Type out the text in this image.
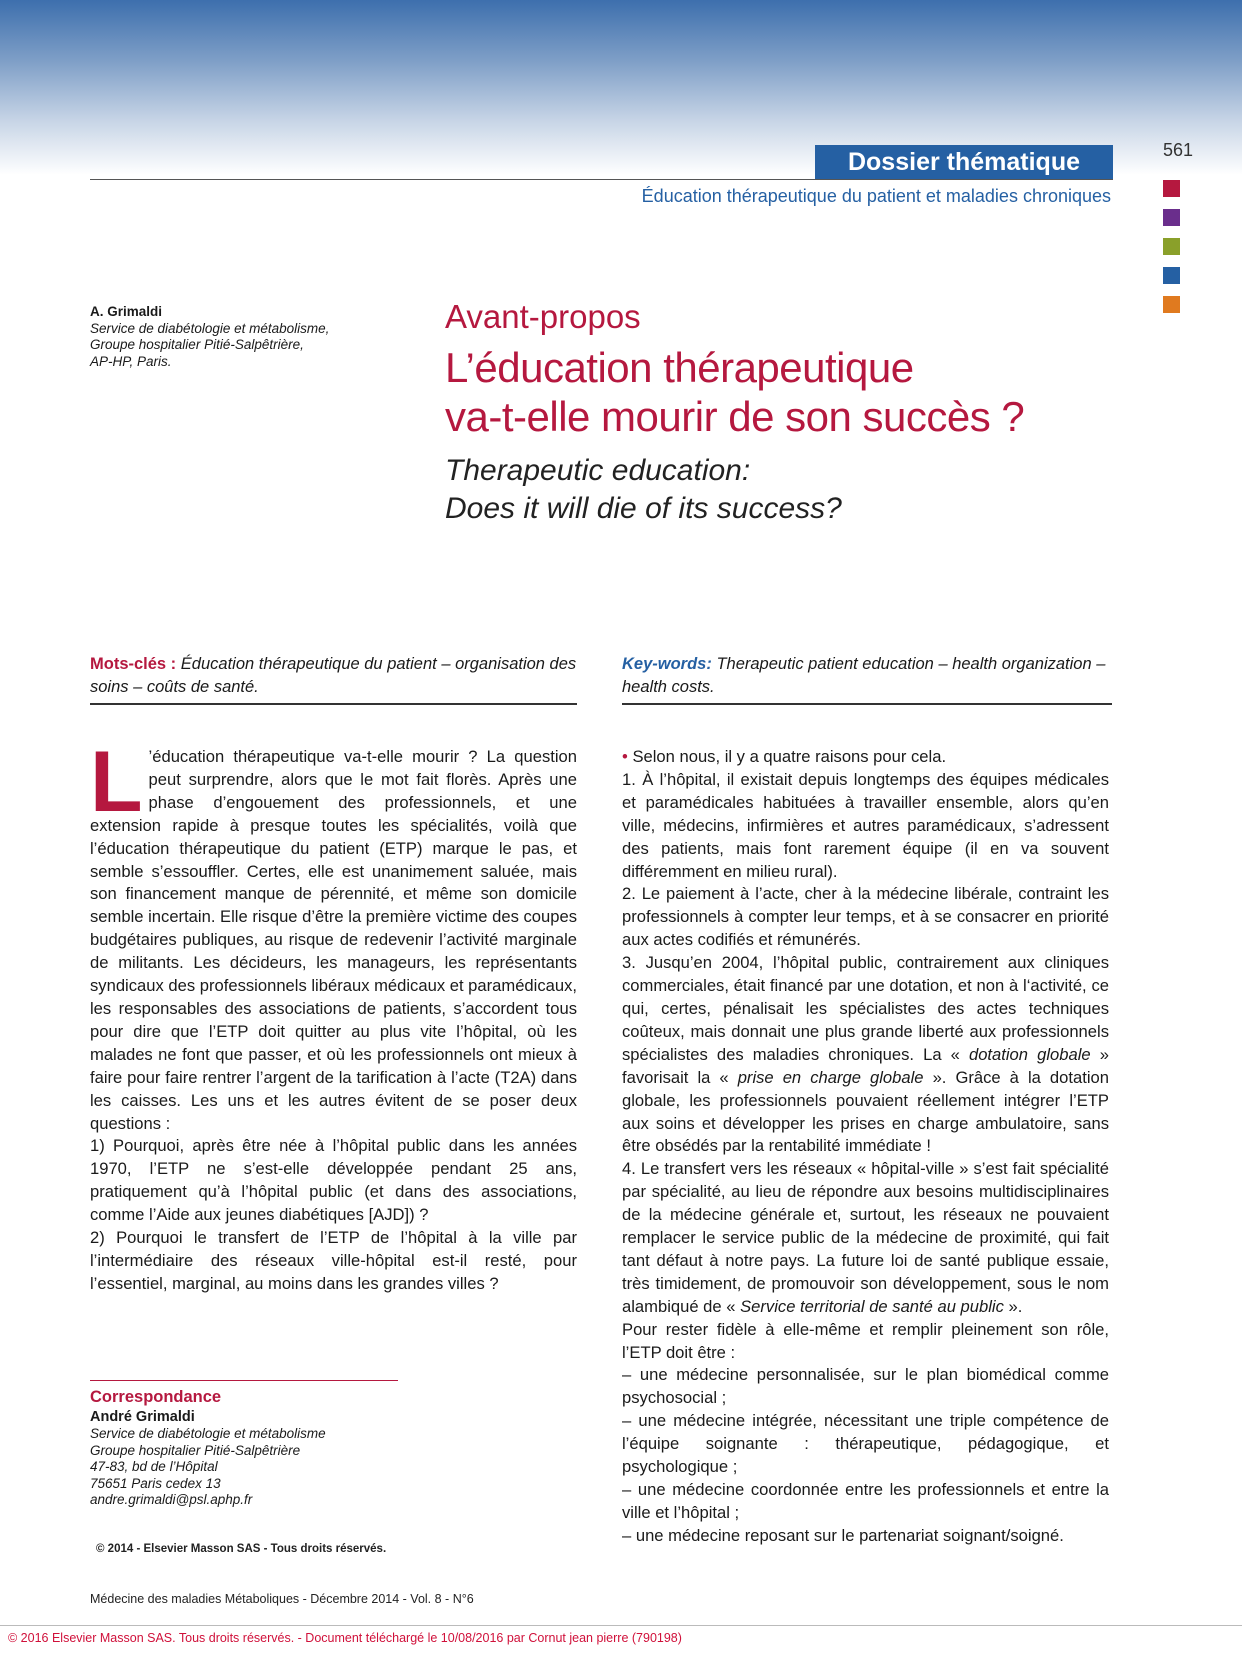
Dossier thématique	561
Éducation thérapeutique du patient et maladies chroniques
A. Grimaldi
Service de diabétologie et métabolisme,
Groupe hospitalier Pitié-Salpêtrière,
AP-HP, Paris.
Avant-propos
L’éducation thérapeutique
va-t-elle mourir de son succès ?
Therapeutic education:
Does it will die of its success?
Mots-clés : Éducation thérapeutique du patient – organisation des soins – coûts de santé.
Key-words: Therapeutic patient education – health organization – health costs.

L ’éducation thérapeutique va-t-elle mourir ? La question peut surprendre, alors que le mot fait florès. Après une phase d’engouement des professionnels, et une extension rapide à presque toutes les spécialités, voilà que l’éducation thérapeutique du patient (ETP) marque le pas, et semble s’essouffler. Certes, elle est unanimement saluée, mais son financement manque de pérennité, et même son domicile semble incertain. Elle risque d’être la première victime des coupes budgétaires publiques, au risque de redevenir l’activité marginale de militants. Les décideurs, les manageurs, les représentants syndicaux des professionnels libéraux médicaux et paramédicaux, les responsables des associations de patients, s’accordent tous pour dire que l’ETP doit quitter au plus vite l’hôpital, où les malades ne font que passer, et où les professionnels ont mieux à faire pour faire rentrer l’argent de la tarification à l’acte (T2A) dans les caisses. Les uns et les autres évitent de se poser deux questions :

1) Pourquoi, après être née à l’hôpital public dans les années 1970, l’ETP ne s’est-elle développée pendant 25 ans, pratiquement qu’à l’hôpital public (et dans des associations, comme l’Aide aux jeunes diabétiques [AJD]) ?

2) Pourquoi le transfert de l’ETP de l’hôpital à la ville par l’intermédiaire des réseaux ville-hôpital est-il resté, pour l’essentiel, marginal, au moins dans les grandes villes ?

• Selon nous, il y a quatre raisons pour cela.

1. À l’hôpital, il existait depuis longtemps des équipes médicales et paramédicales habituées à travailler ensemble, alors qu’en ville, médecins, infirmières et autres paramédicaux, s’adressent des patients, mais font rarement équipe (il en va souvent différemment en milieu rural).

2. Le paiement à l’acte, cher à la médecine libérale, contraint les professionnels à compter leur temps, et à se consacrer en priorité aux actes codifiés et rémunérés.

3. Jusqu’en 2004, l’hôpital public, contrairement aux cliniques commerciales, était financé par une dotation, et non à l‘activité, ce qui, certes, pénalisait les spécialistes des actes techniques coûteux, mais donnait une plus grande liberté aux professionnels spécialistes des maladies chroniques. La « dotation globale » favorisait la « prise en charge globale ». Grâce à la dotation globale, les professionnels pouvaient réellement intégrer l’ETP aux soins et développer les prises en charge ambulatoire, sans être obsédés par la rentabilité immédiate !

4. Le transfert vers les réseaux « hôpital-ville » s’est fait spécialité par spécialité, au lieu de répondre aux besoins multidisciplinaires de la médecine générale et, surtout, les réseaux ne pouvaient remplacer le service public de la médecine de proximité, qui fait tant défaut à notre pays. La future loi de santé publique essaie, très timidement, de promouvoir son développement, sous le nom alambiqué de « Service territorial de santé au public ».

Pour rester fidèle à elle-même et remplir pleinement son rôle, l’ETP doit être :

– une médecine personnalisée, sur le plan biomédical comme psychosocial ;

– une médecine intégrée, nécessitant une triple compétence de l’équipe soignante : thérapeutique, pédagogique, et psychologique ;

– une médecine coordonnée entre les professionnels et entre la ville et l’hôpital ;

– une médecine reposant sur le partenariat soignant/soigné.

Correspondance
André Grimaldi
Service de diabétologie et métabolisme
Groupe hospitalier Pitié-Salpêtrière
47-83, bd de l’Hôpital
75651 Paris cedex 13
andre.grimaldi@psl.aphp.fr
© 2014 - Elsevier Masson SAS - Tous droits réservés.
Médecine des maladies Métaboliques - Décembre 2014 - Vol. 8 - N°6
© 2016 Elsevier Masson SAS. Tous droits réservés. - Document téléchargé le 10/08/2016 par Cornut jean pierre (790198)
